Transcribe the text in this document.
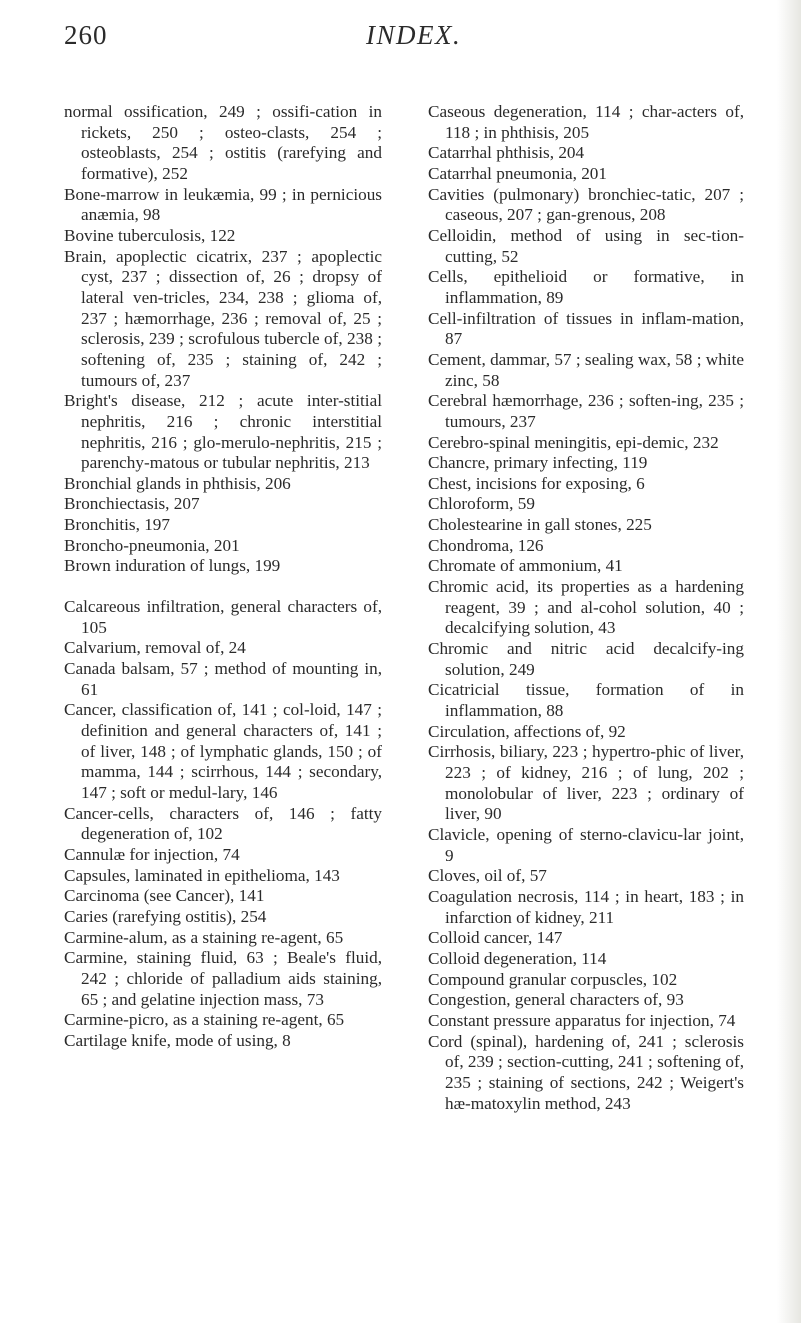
260	INDEX.

normal ossification, 249 ; ossifi-cation in rickets, 250 ; osteo-clasts, 254 ; osteoblasts, 254 ; ostitis (rarefying and formative), 252

Bone-marrow in leukæmia, 99 ; in pernicious anæmia, 98

Bovine tuberculosis, 122

Brain, apoplectic cicatrix, 237 ; apoplectic cyst, 237 ; dissection of, 26 ; dropsy of lateral ven-tricles, 234, 238 ; glioma of, 237 ; hæmorrhage, 236 ; removal of, 25 ; sclerosis, 239 ; scrofulous tubercle of, 238 ; softening of, 235 ; staining of, 242 ; tumours of, 237

Bright's disease, 212 ; acute inter-stitial nephritis, 216 ; chronic interstitial nephritis, 216 ; glo-merulo-nephritis, 215 ; parenchy-matous or tubular nephritis, 213

Bronchial glands in phthisis, 206

Bronchiectasis, 207

Bronchitis, 197

Broncho-pneumonia, 201

Brown induration of lungs, 199

Calcareous infiltration, general characters of, 105

Calvarium, removal of, 24

Canada balsam, 57 ; method of mounting in, 61

Cancer, classification of, 141 ; col-loid, 147 ; definition and general characters of, 141 ; of liver, 148 ; of lymphatic glands, 150 ; of mamma, 144 ; scirrhous, 144 ; secondary, 147 ; soft or medul-lary, 146

Cancer-cells, characters of, 146 ; fatty degeneration of, 102

Cannulæ for injection, 74

Capsules, laminated in epithelioma, 143

Carcinoma (see Cancer), 141

Caries (rarefying ostitis), 254

Carmine-alum, as a staining re-agent, 65

Carmine, staining fluid, 63 ; Beale's fluid, 242 ; chloride of palladium aids staining, 65 ; and gelatine injection mass, 73

Carmine-picro, as a staining re-agent, 65

Cartilage knife, mode of using, 8

Caseous degeneration, 114 ; char-acters of, 118 ; in phthisis, 205

Catarrhal phthisis, 204

Catarrhal pneumonia, 201

Cavities (pulmonary) bronchiec-tatic, 207 ; caseous, 207 ; gan-grenous, 208

Celloidin, method of using in sec-tion-cutting, 52

Cells, epithelioid or formative, in inflammation, 89

Cell-infiltration of tissues in inflam-mation, 87

Cement, dammar, 57 ; sealing wax, 58 ; white zinc, 58

Cerebral hæmorrhage, 236 ; soften-ing, 235 ; tumours, 237

Cerebro-spinal meningitis, epi-demic, 232

Chancre, primary infecting, 119

Chest, incisions for exposing, 6

Chloroform, 59

Cholestearine in gall stones, 225

Chondroma, 126

Chromate of ammonium, 41

Chromic acid, its properties as a hardening reagent, 39 ; and al-cohol solution, 40 ; decalcifying solution, 43

Chromic and nitric acid decalcify-ing solution, 249

Cicatricial tissue, formation of in inflammation, 88

Circulation, affections of, 92

Cirrhosis, biliary, 223 ; hypertro-phic of liver, 223 ; of kidney, 216 ; of lung, 202 ; monolobular of liver, 223 ; ordinary of liver, 90

Clavicle, opening of sterno-clavicu-lar joint, 9

Cloves, oil of, 57

Coagulation necrosis, 114 ; in heart, 183 ; in infarction of kidney, 211

Colloid cancer, 147

Colloid degeneration, 114

Compound granular corpuscles, 102

Congestion, general characters of, 93

Constant pressure apparatus for injection, 74

Cord (spinal), hardening of, 241 ; sclerosis of, 239 ; section-cutting, 241 ; softening of, 235 ; staining of sections, 242 ; Weigert's hæ-matoxylin method, 243
